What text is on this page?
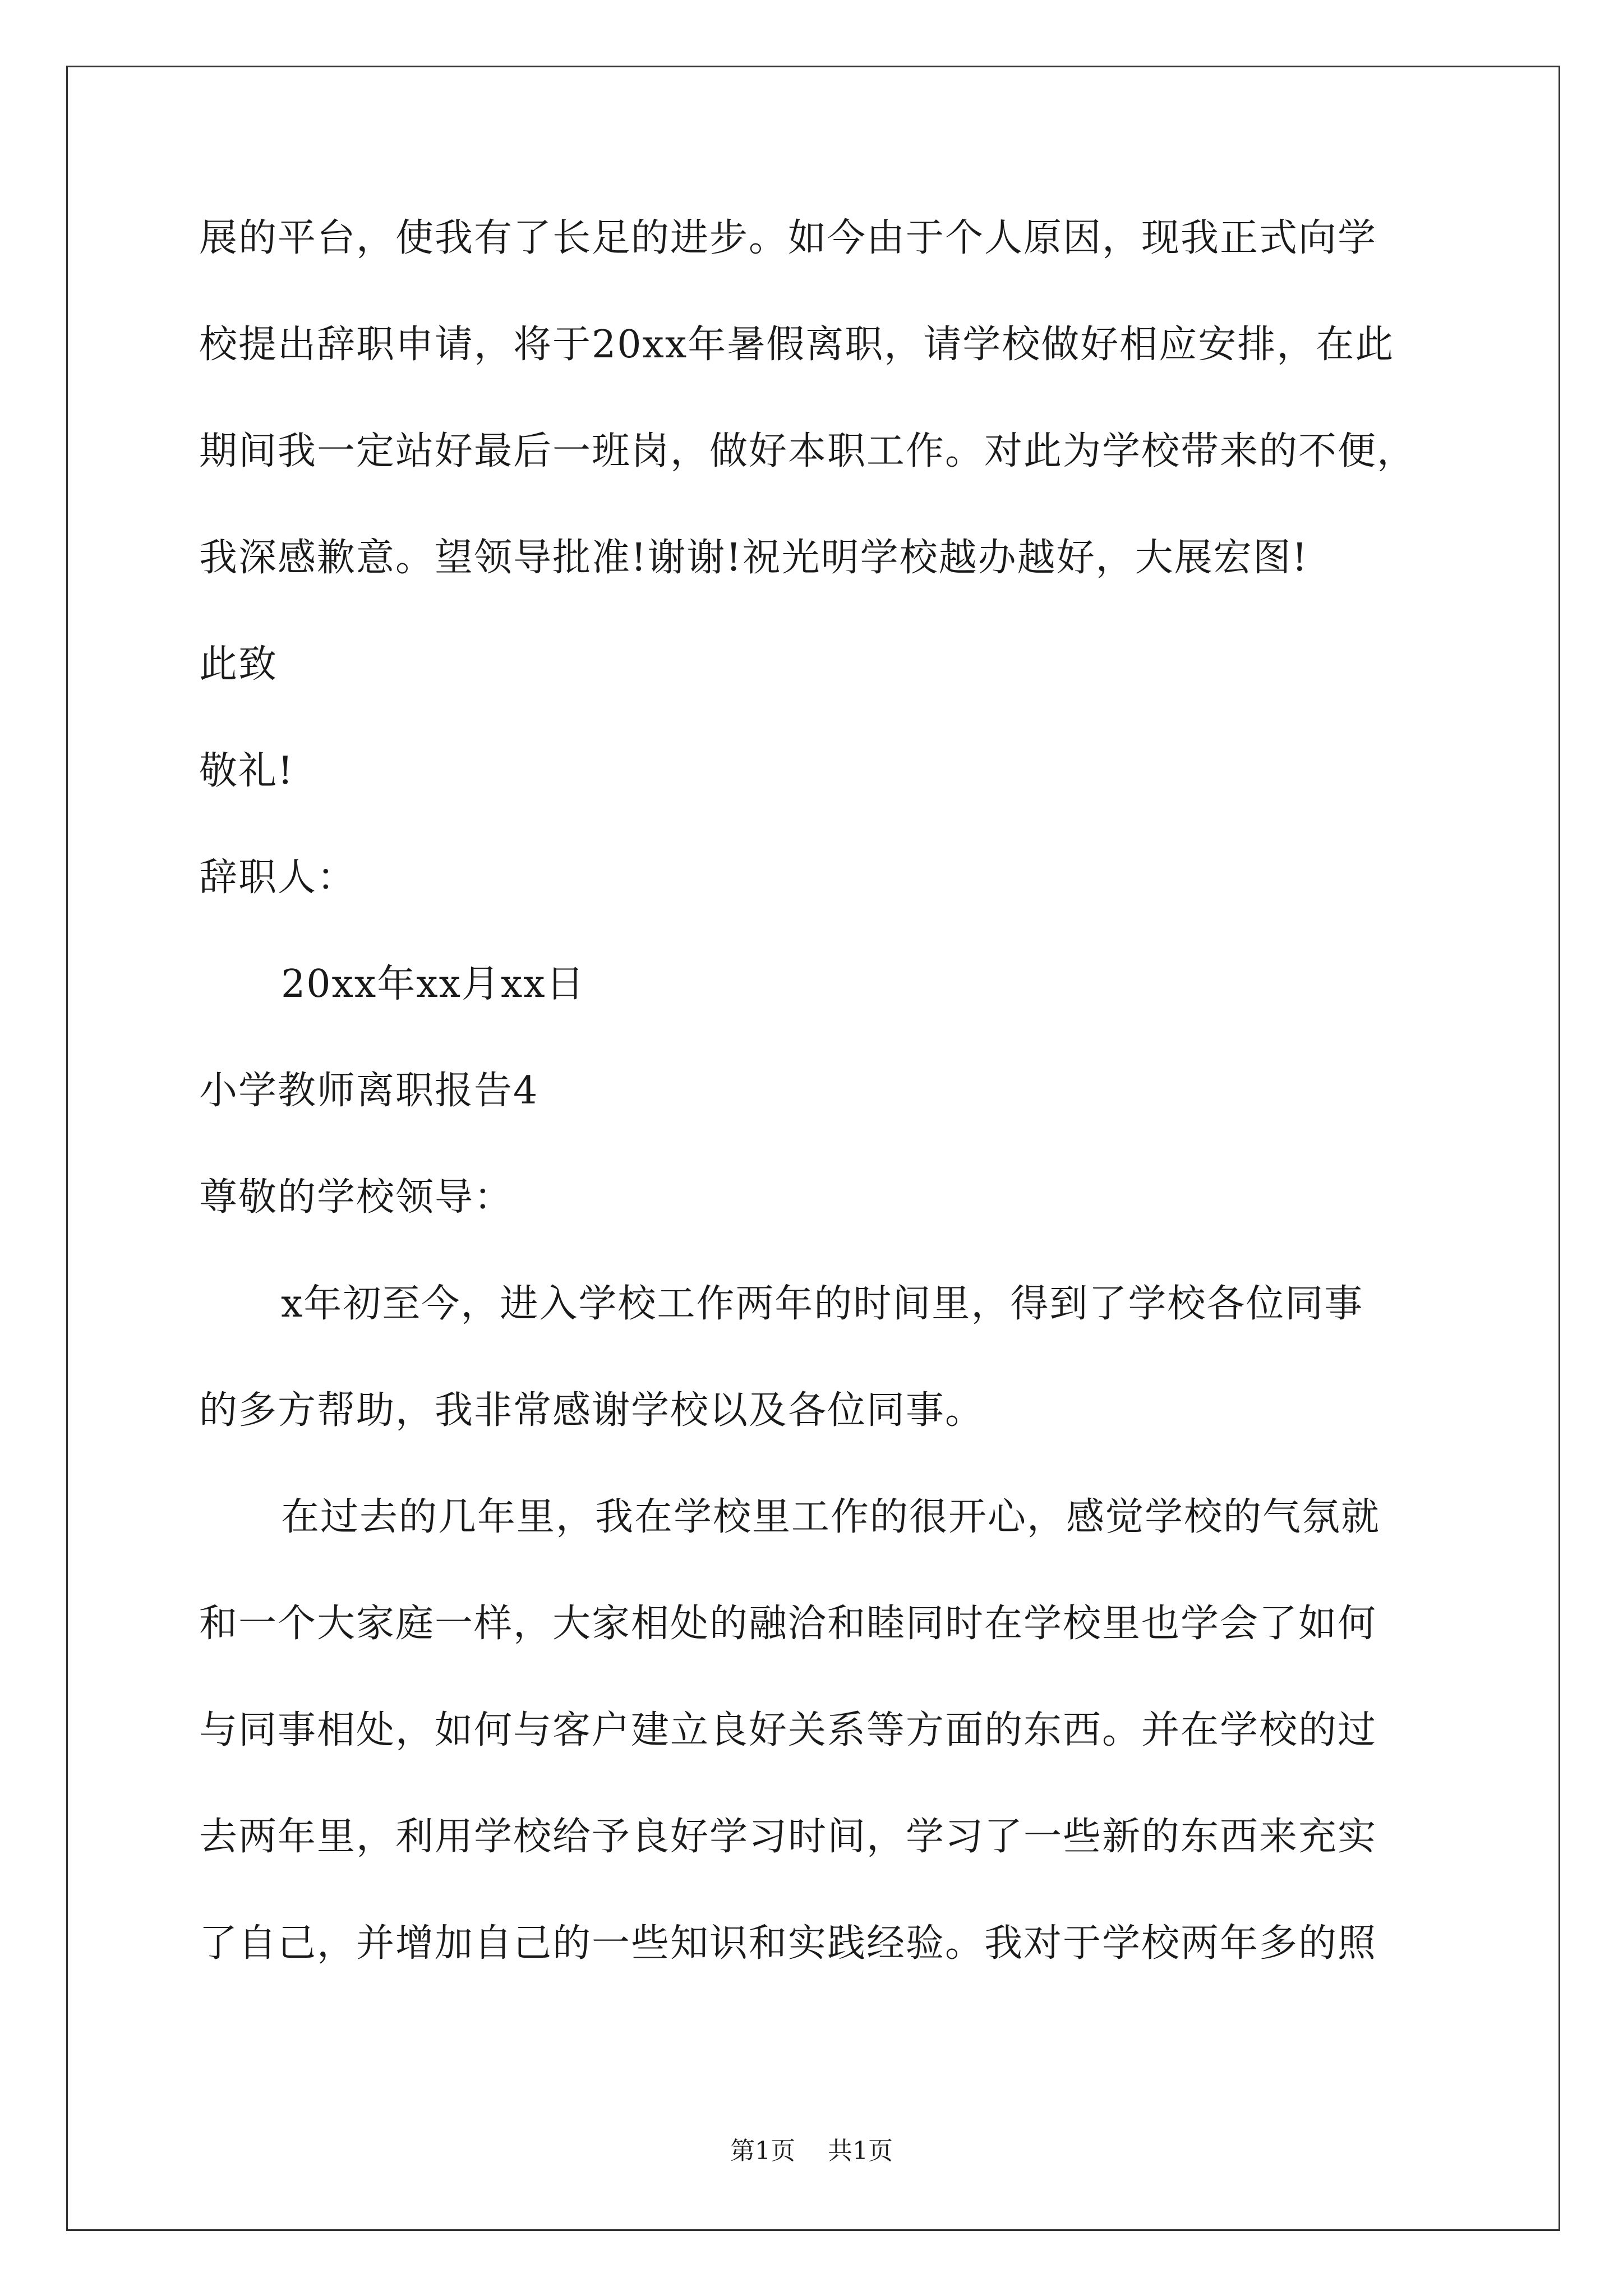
展的平台，使我有了长足的进步。如今由于个人原因，现我正式向学
校提出辞职申请，将于20xx年暑假离职，请学校做好相应安排，在此
期间我一定站好最后一班岗，做好本职工作。对此为学校带来的不便，
我深感歉意。望领导批准!谢谢!祝光明学校越办越好，大展宏图!
此致
敬礼!
辞职人：
20xx年xx月xx日
小学教师离职报告4
尊敬的学校领导：
x年初至今，进入学校工作两年的时间里，得到了学校各位同事
的多方帮助，我非常感谢学校以及各位同事。
在过去的几年里，我在学校里工作的很开心，感觉学校的气氛就
和一个大家庭一样，大家相处的融洽和睦同时在学校里也学会了如何
与同事相处，如何与客户建立良好关系等方面的东西。并在学校的过
去两年里，利用学校给予良好学习时间，学习了一些新的东西来充实
了自己，并增加自己的一些知识和实践经验。我对于学校两年多的照
第1页 共1页
